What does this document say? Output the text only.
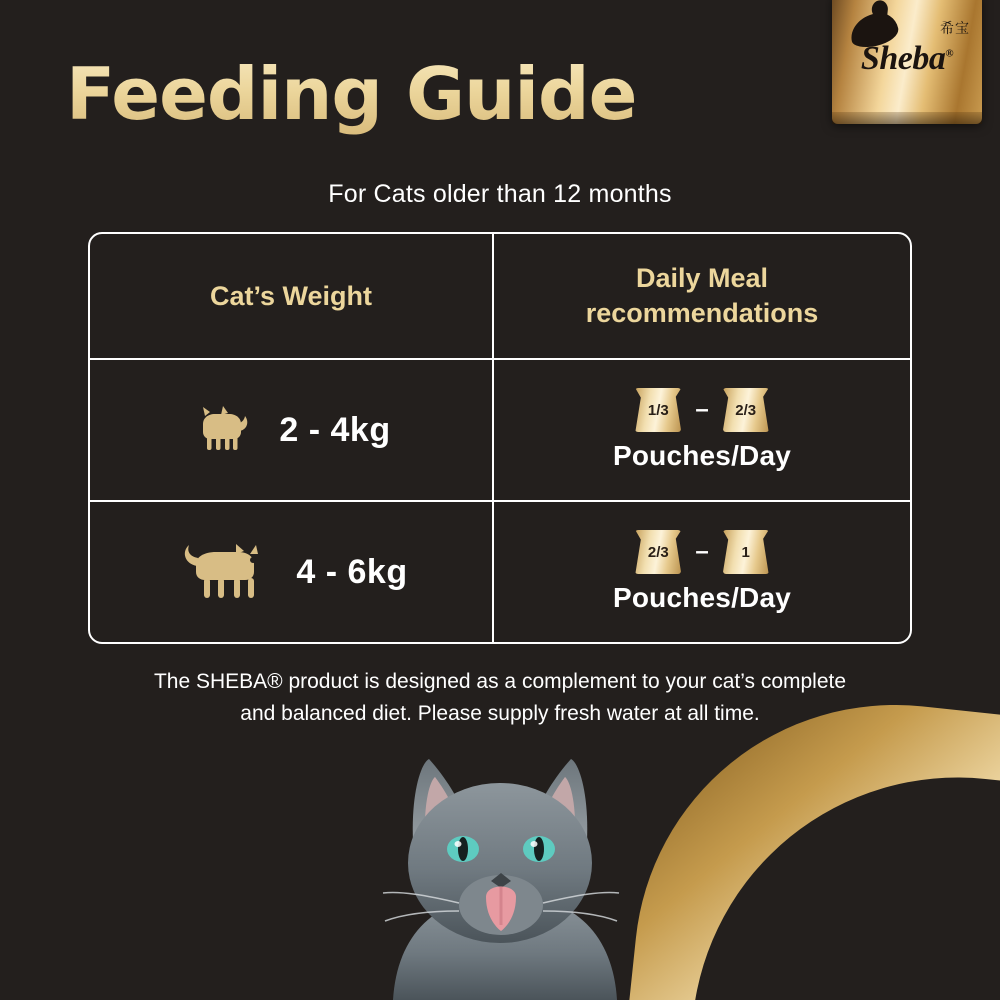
希宝
Sheba®
Feeding Guide
For Cats older than 12 months
Cat’s Weight
Daily Meal
recommendations
2 - 4kg
1/3 – 2/3
Pouches/Day
4 - 6kg
2/3 – 1
Pouches/Day
The SHEBA® product is designed as a complement to your cat’s complete
and balanced diet. Please supply fresh water at all time.
